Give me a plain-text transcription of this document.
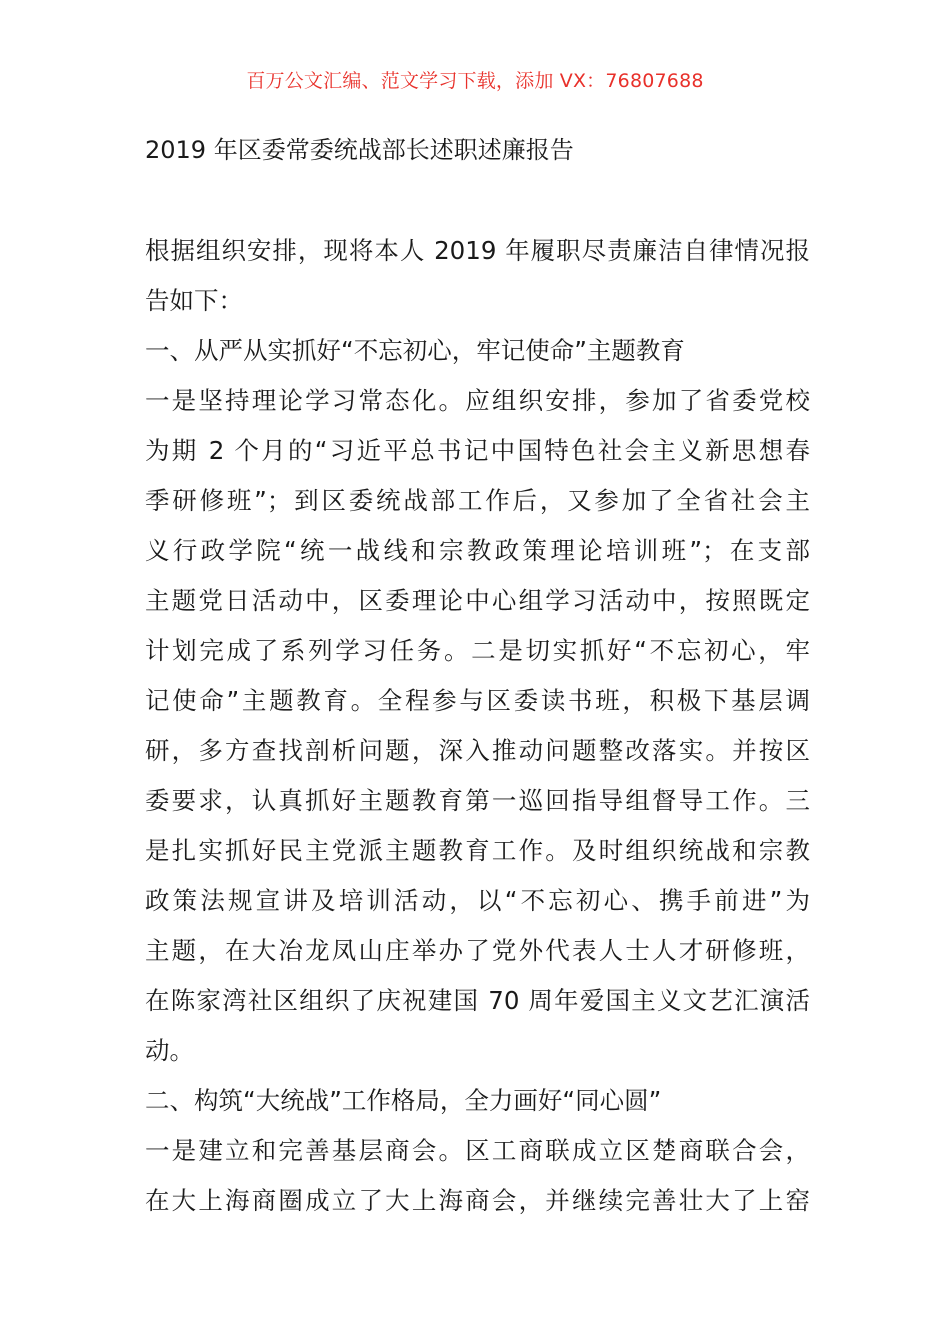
百万公文汇编、范文学习下载，添加 VX：76807688
2019 年区委常委统战部长述职述廉报告
根据组织安排，现将本人 2019 年履职尽责廉洁自律情况报
告如下：
一、从严从实抓好“不忘初心，牢记使命”主题教育
一是坚持理论学习常态化。应组织安排，参加了省委党校
为期 2 个月的“习近平总书记中国特色社会主义新思想春
季研修班”；到区委统战部工作后，又参加了全省社会主
义行政学院“统一战线和宗教政策理论培训班”；在支部
主题党日活动中，区委理论中心组学习活动中，按照既定
计划完成了系列学习任务。二是切实抓好“不忘初心，牢
记使命”主题教育。全程参与区委读书班，积极下基层调
研，多方查找剖析问题，深入推动问题整改落实。并按区
委要求，认真抓好主题教育第一巡回指导组督导工作。三
是扎实抓好民主党派主题教育工作。及时组织统战和宗教
政策法规宣讲及培训活动，以“不忘初心、携手前进”为
主题，在大冶龙凤山庄举办了党外代表人士人才研修班，
在陈家湾社区组织了庆祝建国 70 周年爱国主义文艺汇演活
动。
二、构筑“大统战”工作格局，全力画好“同心圆”
一是建立和完善基层商会。区工商联成立区楚商联合会，
在大上海商圈成立了大上海商会，并继续完善壮大了上窑
